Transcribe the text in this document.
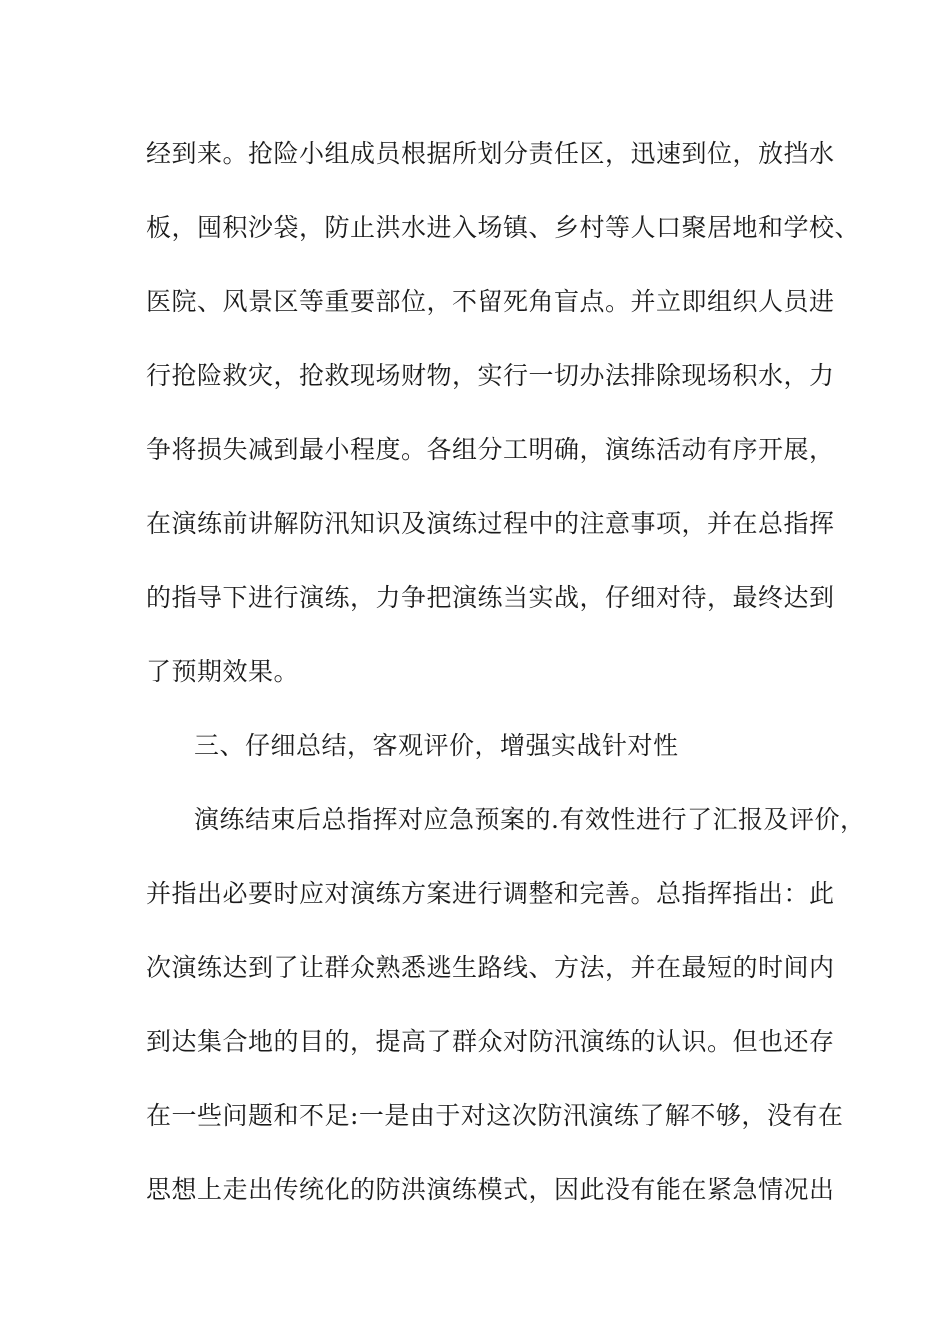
经到来。抢险小组成员根据所划分责任区，迅速到位，放挡水
板，囤积沙袋，防止洪水进入场镇、乡村等人口聚居地和学校、
医院、风景区等重要部位，不留死角盲点。并立即组织人员进
行抢险救灾，抢救现场财物，实行一切办法排除现场积水，力
争将损失减到最小程度。各组分工明确，演练活动有序开展，
在演练前讲解防汛知识及演练过程中的注意事项，并在总指挥
的指导下进行演练，力争把演练当实战，仔细对待，最终达到
了预期效果。
三、仔细总结，客观评价，增强实战针对性
演练结束后总指挥对应急预案的.有效性进行了汇报及评价，
并指出必要时应对演练方案进行调整和完善。总指挥指出：此
次演练达到了让群众熟悉逃生路线、方法，并在最短的时间内
到达集合地的目的，提高了群众对防汛演练的认识。但也还存
在一些问题和不足:一是由于对这次防汛演练了解不够，没有在
思想上走出传统化的防洪演练模式，因此没有能在紧急情况出
